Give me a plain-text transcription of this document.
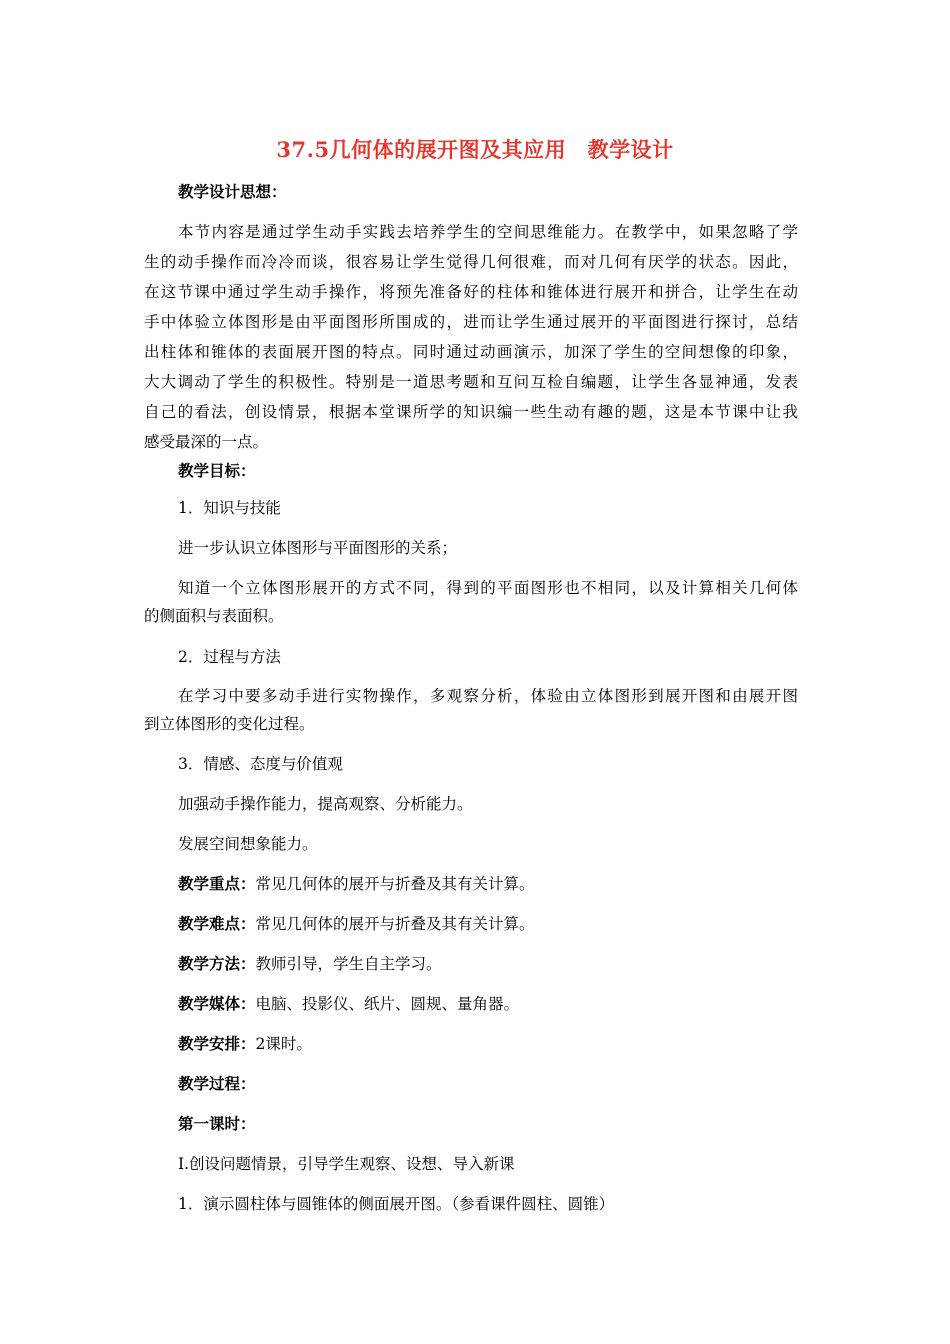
37.5几何体的展开图及其应用　教学设计
教学设计思想：
本节内容是通过学生动手实践去培养学生的空间思维能力。在教学中，如果忽略了学
生的动手操作而冷冷而谈，很容易让学生觉得几何很难，而对几何有厌学的状态。因此，
在这节课中通过学生动手操作，将预先准备好的柱体和锥体进行展开和拼合，让学生在动
手中体验立体图形是由平面图形所围成的，进而让学生通过展开的平面图进行探讨，总结
出柱体和锥体的表面展开图的特点。同时通过动画演示，加深了学生的空间想像的印象，
大大调动了学生的积极性。特别是一道思考题和互问互检自编题，让学生各显神通，发表
自己的看法，创设情景，根据本堂课所学的知识编一些生动有趣的题，这是本节课中让我
感受最深的一点。
教学目标：
1．知识与技能
进一步认识立体图形与平面图形的关系；
知道一个立体图形展开的方式不同，得到的平面图形也不相同，以及计算相关几何体
的侧面积与表面积。
2．过程与方法
在学习中要多动手进行实物操作，多观察分析，体验由立体图形到展开图和由展开图
到立体图形的变化过程。
3．情感、态度与价值观
加强动手操作能力，提高观察、分析能力。
发展空间想象能力。
教学重点：常见几何体的展开与折叠及其有关计算。
教学难点：常见几何体的展开与折叠及其有关计算。
教学方法：教师引导，学生自主学习。
教学媒体：电脑、投影仪、纸片、圆规、量角器。
教学安排：2课时。
教学过程：
第一课时：
Ⅰ.创设问题情景，引导学生观察、设想、导入新课
1．演示圆柱体与圆锥体的侧面展开图。（参看课件圆柱、圆锥）
